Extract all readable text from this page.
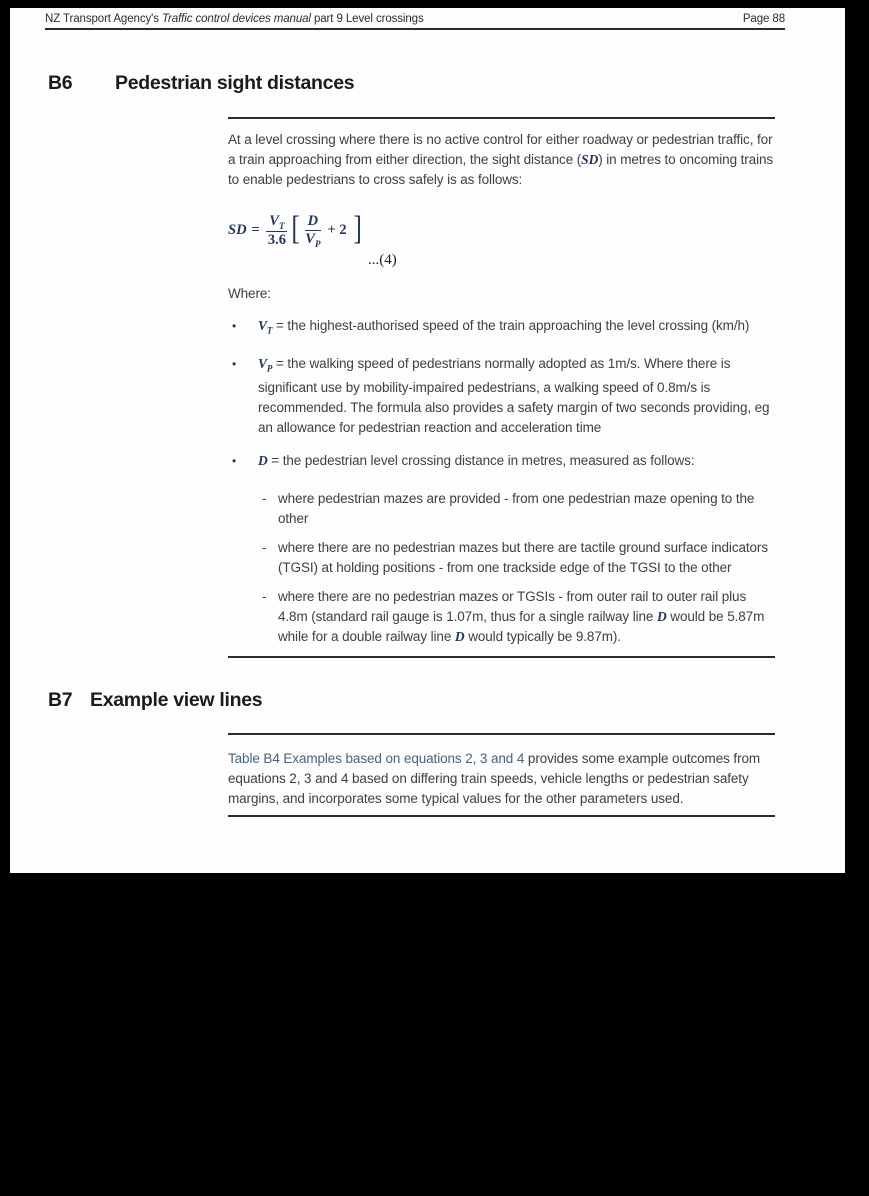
NZ Transport Agency's Traffic control devices manual part 9 Level crossings	Page 88
B6	Pedestrian sight distances

At a level crossing where there is no active control for either roadway or pedestrian traffic, for a train approaching from either direction, the sight distance (SD) in metres to oncoming trains to enable pedestrians to cross safely is as follows:

SD = $\frac{V_T}{3.6}$ [ $\frac{D}{V_P} + 2$ ]
...(4)

Where:

•	$V_T$ = the highest-authorised speed of the train approaching the level crossing (km/h)
•	$V_P$ = the walking speed of pedestrians normally adopted as 1m/s. Where there is significant use by mobility-impaired pedestrians, a walking speed of 0.8m/s is recommended. The formula also provides a safety margin of two seconds providing, eg an allowance for pedestrian reaction and acceleration time
•	D = the pedestrian level crossing distance in metres, measured as follows:
- where pedestrian mazes are provided - from one pedestrian maze opening to the other
- where there are no pedestrian mazes but there are tactile ground surface indicators (TGSI) at holding positions - from one trackside edge of the TGSI to the other
- where there are no pedestrian mazes or TGSIs - from outer rail to outer rail plus 4.8m (standard rail gauge is 1.07m, thus for a single railway line D would be 5.87m while for a double railway line D would typically be 9.87m).
B7 Example view lines

Table B4 Examples based on equations 2, 3 and 4 provides some example outcomes from equations 2, 3 and 4 based on differing train speeds, vehicle lengths or pedestrian safety margins, and incorporates some typical values for the other parameters used.
